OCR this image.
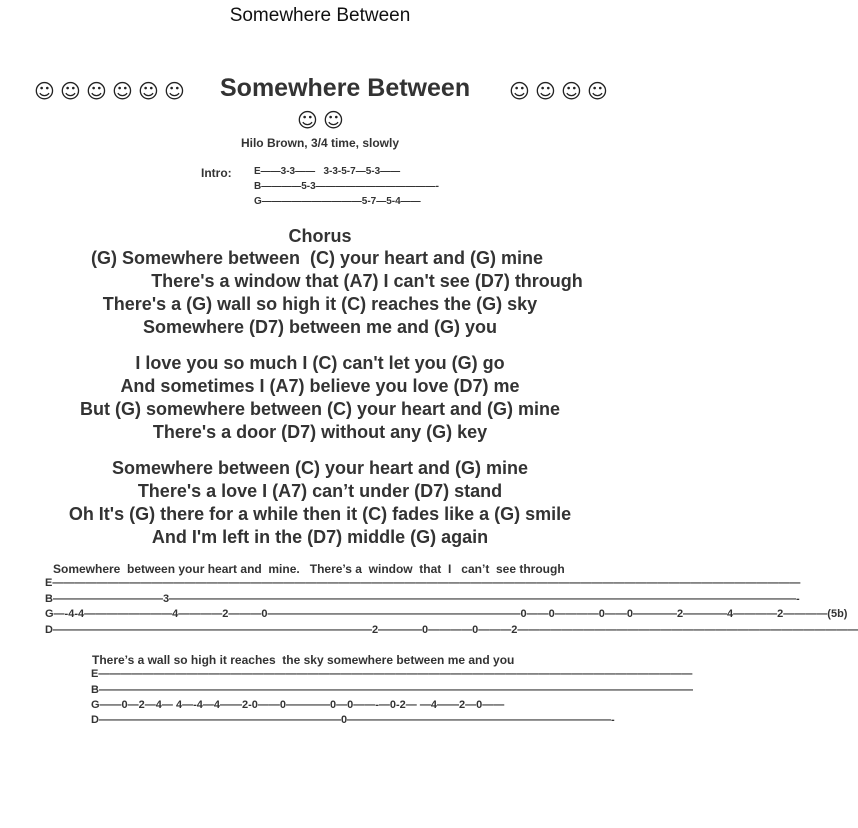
Somewhere Between
☺ ☺ ☺ ☺ ☺ ☺ Somewhere Between ☺ ☺ ☺ ☺
☺ ☺
Hilo Brown, 3/4 time, slowly
Intro: E——3-3——   3-3-5-7—5-3——
B————5-3————————————-
G——————————5-7—5-4——
Chorus
(G) Somewhere between  (C) your heart and (G) mine
There's a window that (A7) I can't see (D7) through
There's a (G) wall so high it (C) reaches the (G) sky
Somewhere (D7) between me and (G) you
I love you so much I (C) can't let you (G) go
And sometimes I (A7) believe you love (D7) me
But (G) somewhere between (C) your heart and (G) mine
There's a door (D7) without any (G) key
Somewhere between (C) your heart and (G) mine
There's a love I (A7) can’t under (D7) stand
Oh It's (G) there for a while then it (C) fades like a (G) smile
And I'm left in the (D7) middle (G) again
Somewhere  between your heart and  mine.   There’s a  window  that  I   can’t  see through
E————————————————————————————————————————————————————————————————————
B——————————3—————————————————————————————————————————————————————————-
G—-4-4————————4————2———0———————————————————————0——0————0——0————2————4————2————(5b)
D—————————————————————————————2————0————0———2———————————————————————————————
There’s a wall so high it reaches  the sky somewhere between me and you
E——————————————————————————————————————————————————————
B——————————————————————————————————————————————————————
G——0—2—4— 4—-4—4——2-0——0————0—0——-—0-2— —4——2—0——
D——————————————————————0————————————————————————-
